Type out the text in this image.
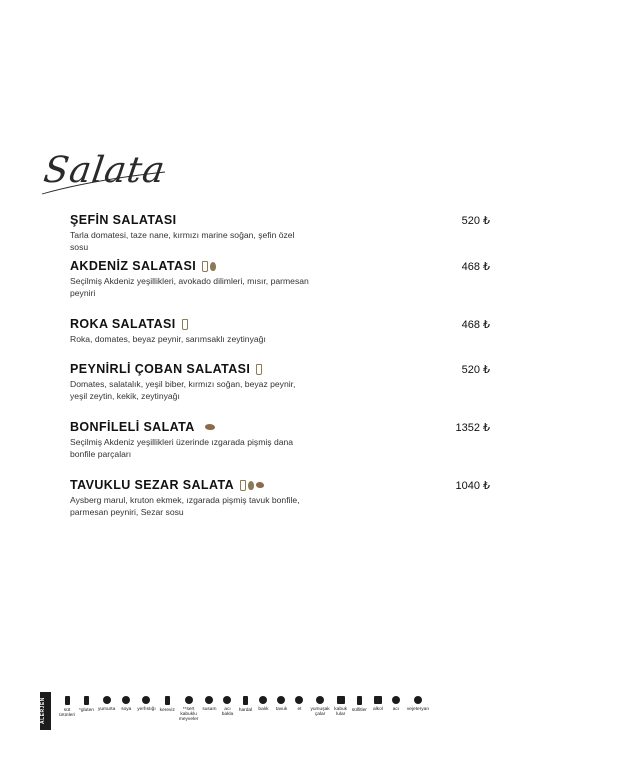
Salata
ŞEFİN SALATASI	520 ₺
Tarla domatesi, taze nane, kırmızı marine soğan, şefin özel sosu
AKDENİZ SALATASI	468 ₺
Seçilmiş Akdeniz yeşillikleri, avokado dilimleri, mısır, parmesan peyniri
ROKA SALATASI	468 ₺
Roka, domates, beyaz peynir, sarımsaklı zeytinyağı
PEYNİRLİ ÇOBAN SALATASI	520 ₺
Domates, salatalık, yeşil biber, kırmızı soğan, beyaz peynir, yeşil zeytin, kekik, zeytinyağı
BONFİLELİ SALATA	1352 ₺
Seçilmiş Akdeniz yeşillikleri üzerinde ızgarada pişmiş dana bonfile parçaları
TAVUKLU SEZAR SALATA	1040 ₺
Aysberg marul, kruton ekmek, ızgarada pişmiş tavuk bonfile, parmesan peyniri, Sezar sosu
ALERJEN	süt
ürünleri
*gluten yumurta soya yerfıstığı kereviz	**sert
kabuklu
meyveler
susam	acı
bakla
hardal balık tavuk et yumuşak
çalar
kabuk
lular
sülfitler alkol acı vejeteryan
